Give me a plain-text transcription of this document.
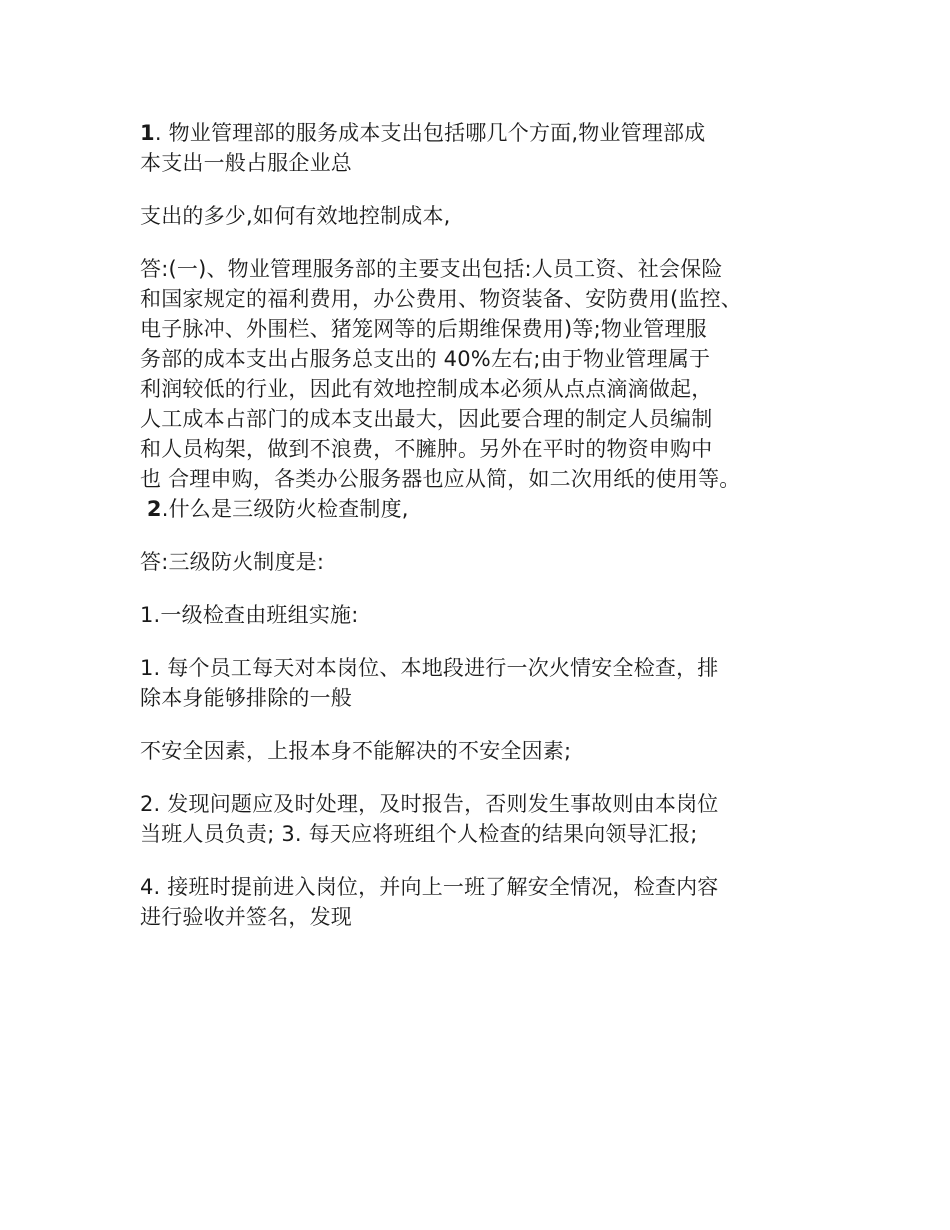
1. 物业管理部的服务成本支出包括哪几个方面,物业管理部成
本支出一般占服企业总

支出的多少,如何有效地控制成本,

答:(一)、物业管理服务部的主要支出包括:人员工资、社会保险
和国家规定的福利费用，办公费用、物资装备、安防费用(监控、
电子脉冲、外围栏、猪笼网等的后期维保费用)等;物业管理服
务部的成本支出占服务总支出的 40%左右;由于物业管理属于
利润较低的行业，因此有效地控制成本必须从点点滴滴做起，
人工成本占部门的成本支出最大，因此要合理的制定人员编制
和人员构架，做到不浪费，不臃肿。另外在平时的物资申购中
也 合理申购，各类办公服务器也应从简，如二次用纸的使用等。
2.什么是三级防火检查制度,

答:三级防火制度是:

1.一级检查由班组实施:

1. 每个员工每天对本岗位、本地段进行一次火情安全检查，排
除本身能够排除的一般

不安全因素，上报本身不能解决的不安全因素;

2. 发现问题应及时处理，及时报告，否则发生事故则由本岗位
当班人员负责; 3. 每天应将班组个人检查的结果向领导汇报;

4. 接班时提前进入岗位，并向上一班了解安全情况，检查内容
进行验收并签名，发现
